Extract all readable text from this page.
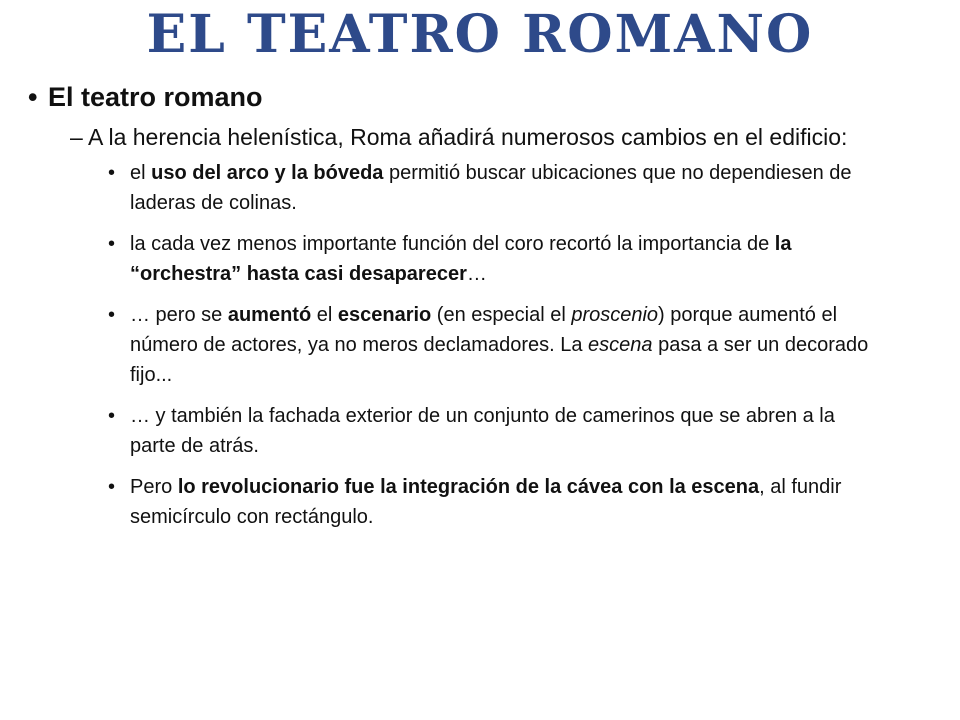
EL TEATRO ROMANO
• El teatro romano
– A la herencia helenística, Roma añadirá numerosos cambios en el edificio:
• el uso del arco y la bóveda permitió buscar ubicaciones que no dependiesen de laderas de colinas.
• la cada vez menos importante función del coro recortó la importancia de la “orchestra” hasta casi desaparecer…
• … pero se aumentó el escenario (en especial el proscenio) porque aumentó el número de actores, ya no meros declamadores. La escena pasa a ser un decorado fijo...
• … y también la fachada exterior de un conjunto de camerinos que se abren a la parte de atrás.
• Pero lo revolucionario fue la integración de la cávea con la escena, al fundir semicírculo con rectángulo.
